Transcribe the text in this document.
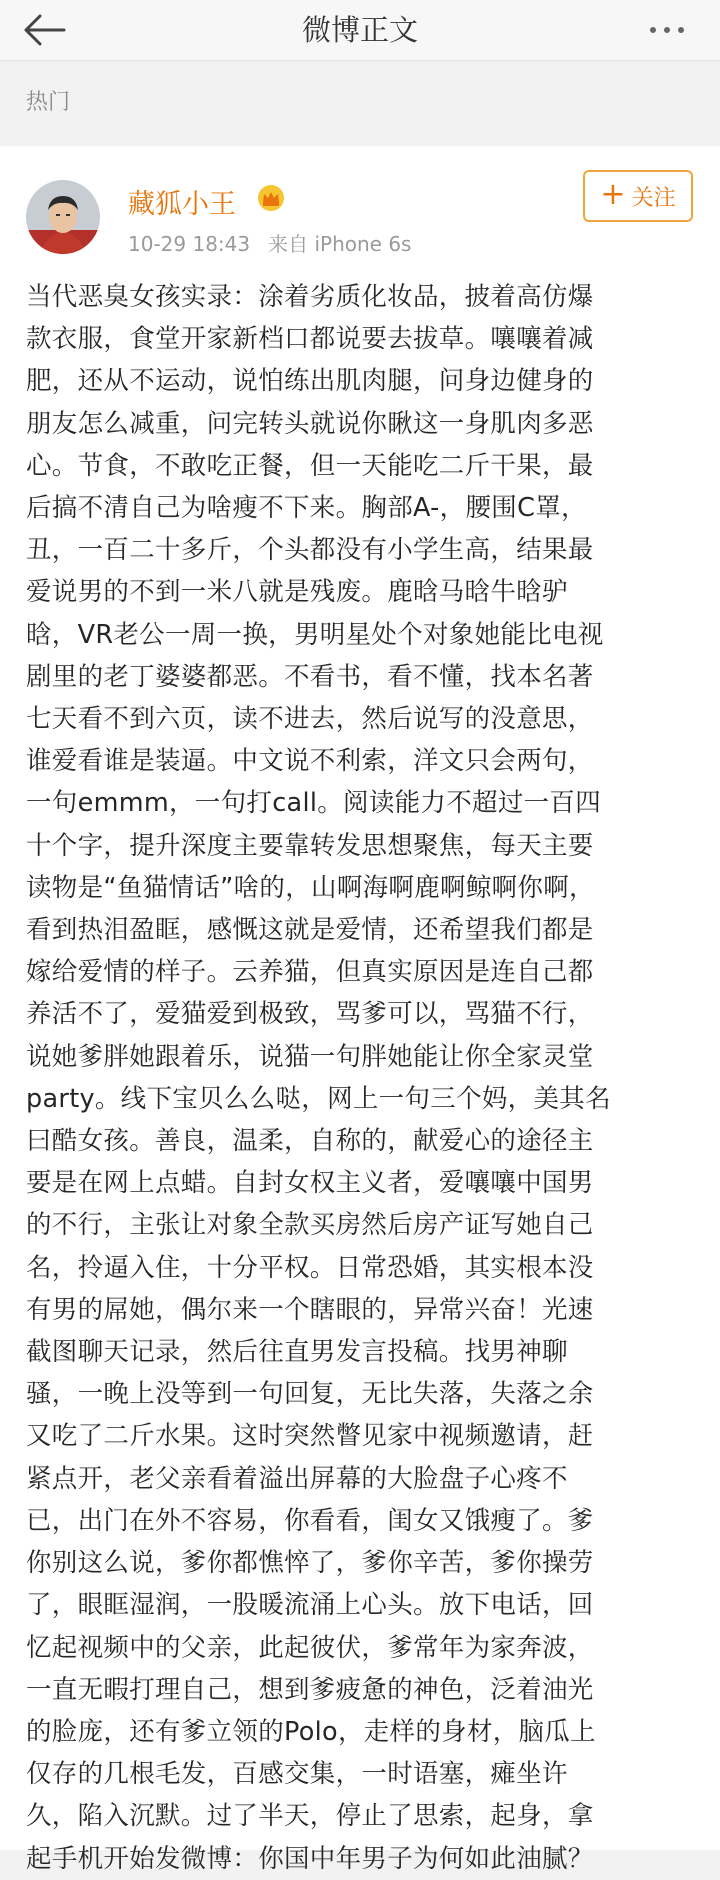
微博正文
热门
藏狐小王
10-29 18:43 来自 iPhone 6s
+ 关注
当代恶臭女孩实录：涂着劣质化妆品，披着高仿爆
款衣服，食堂开家新档口都说要去拔草。嚷嚷着减
肥，还从不运动，说怕练出肌肉腿，问身边健身的
朋友怎么减重，问完转头就说你瞅这一身肌肉多恶
心。节食，不敢吃正餐，但一天能吃二斤干果，最
后搞不清自己为啥瘦不下来。胸部A-，腰围C罩，
丑，一百二十多斤，个头都没有小学生高，结果最
爱说男的不到一米八就是残废。鹿晗马晗牛晗驴
晗，VR老公一周一换，男明星处个对象她能比电视
剧里的老丁婆婆都恶。不看书，看不懂，找本名著
七天看不到六页，读不进去，然后说写的没意思，
谁爱看谁是装逼。中文说不利索，洋文只会两句，
一句emmm，一句打call。阅读能力不超过一百四
十个字，提升深度主要靠转发思想聚焦，每天主要
读物是“鱼猫情话”啥的，山啊海啊鹿啊鲸啊你啊，
看到热泪盈眶，感慨这就是爱情，还希望我们都是
嫁给爱情的样子。云养猫，但真实原因是连自己都
养活不了，爱猫爱到极致，骂爹可以，骂猫不行，
说她爹胖她跟着乐，说猫一句胖她能让你全家灵堂
party。线下宝贝么么哒，网上一句三个妈，美其名
曰酷女孩。善良，温柔，自称的，献爱心的途径主
要是在网上点蜡。自封女权主义者，爱嚷嚷中国男
的不行，主张让对象全款买房然后房产证写她自己
名，拎逼入住，十分平权。日常恐婚，其实根本没
有男的屌她，偶尔来一个瞎眼的，异常兴奋！光速
截图聊天记录，然后往直男发言投稿。找男神聊
骚，一晚上没等到一句回复，无比失落，失落之余
又吃了二斤水果。这时突然瞥见家中视频邀请，赶
紧点开，老父亲看着溢出屏幕的大脸盘子心疼不
已，出门在外不容易，你看看，闺女又饿瘦了。爹
你别这么说，爹你都憔悴了，爹你辛苦，爹你操劳
了，眼眶湿润，一股暖流涌上心头。放下电话，回
忆起视频中的父亲，此起彼伏，爹常年为家奔波，
一直无暇打理自己，想到爹疲惫的神色，泛着油光
的脸庞，还有爹立领的Polo，走样的身材，脑瓜上
仅存的几根毛发，百感交集，一时语塞，瘫坐许
久，陷入沉默。过了半天，停止了思索，起身，拿
起手机开始发微博：你国中年男子为何如此油腻？
